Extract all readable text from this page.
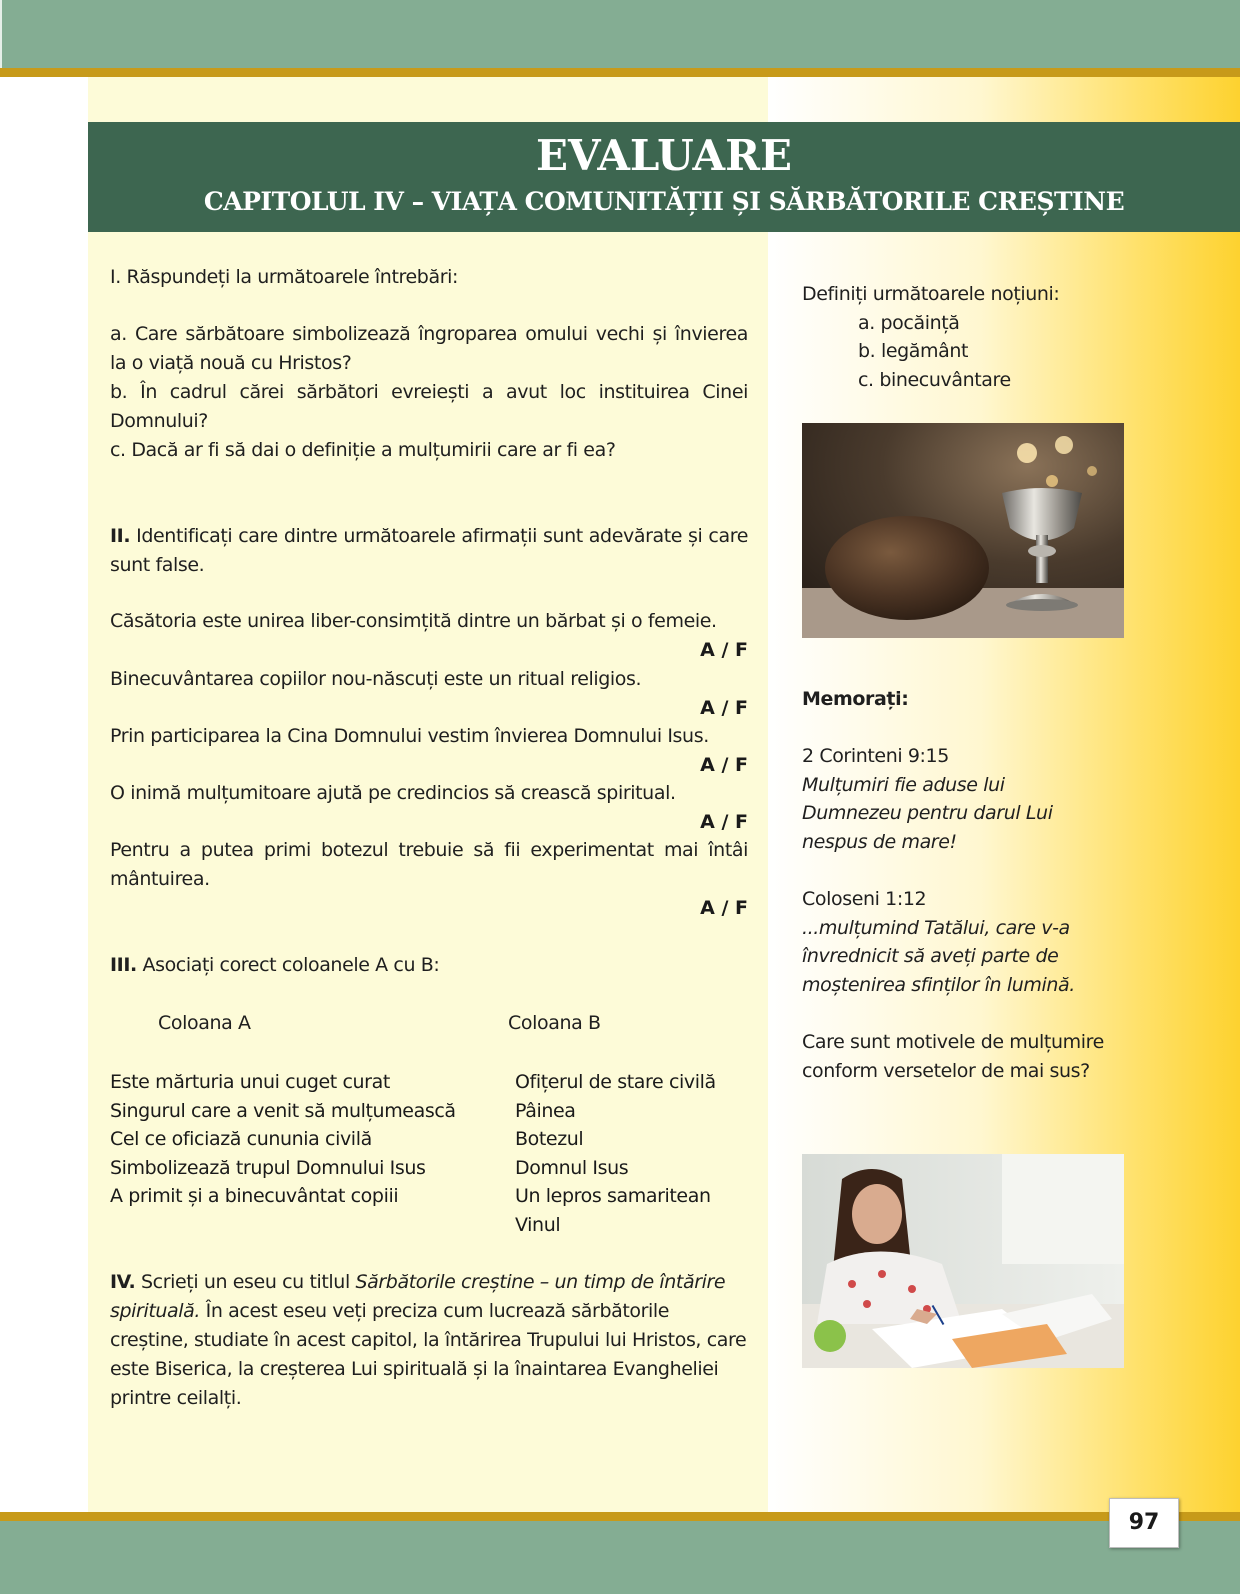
EVALUARE
CAPITOLUL IV – VIAȚA COMUNITĂȚII ȘI SĂRBĂTORILE CREȘTINE
I. Răspundeți la următoarele întrebări:
a. Care sărbătoare simbolizează îngroparea omului vechi și învierea la o viață nouă cu Hristos?
b. În cadrul cărei sărbători evreiești a avut loc instituirea Cinei Domnului?
c. Dacă ar fi să dai o definiție a mulțumirii care ar fi ea?
II. Identificați care dintre următoarele afirmații sunt adevărate și care sunt false.
Căsătoria este unirea liber-consimțită dintre un bărbat și o femeie.
A / F
Binecuvântarea copiilor nou-născuți este un ritual religios.
A / F
Prin participarea la Cina Domnului vestim învierea Domnului Isus.
A / F
O inimă mulțumitoare ajută pe credincios să crească spiritual.
A / F
Pentru a putea primi botezul trebuie să fii experimentat mai întâi mântuirea.
A / F
III. Asociați corect coloanele A cu B:
Coloana A	Coloana B
Este mărturia unui cuget curat
Singurul care a venit să mulțumească
Cel ce oficiază cununia civilă
Simbolizează trupul Domnului Isus
A primit și a binecuvântat copiii
Ofițerul de stare civilă
Pâinea
Botezul
Domnul Isus
Un lepros samaritean
Vinul
IV. Scrieți un eseu cu titlul Sărbătorile creștine – un timp de întărire spirituală. În acest eseu veți preciza cum lucrează sărbătorile creștine, studiate în acest capitol, la întărirea Trupului lui Hristos, care este Biserica, la creșterea Lui spirituală și la înaintarea Evangheliei printre ceilalți.
Definiți următoarele noțiuni:
a. pocăință
b. legământ
c. binecuvântare
Memorați:
2 Corinteni 9:15
Mulțumiri fie aduse lui
Dumnezeu pentru darul Lui
nespus de mare!
Coloseni 1:12
...mulțumind Tatălui, care v-a
învrednicit să aveți parte de
moștenirea sfinților în lumină.
Care sunt motivele de mulțumire
conform versetelor de mai sus?
97
